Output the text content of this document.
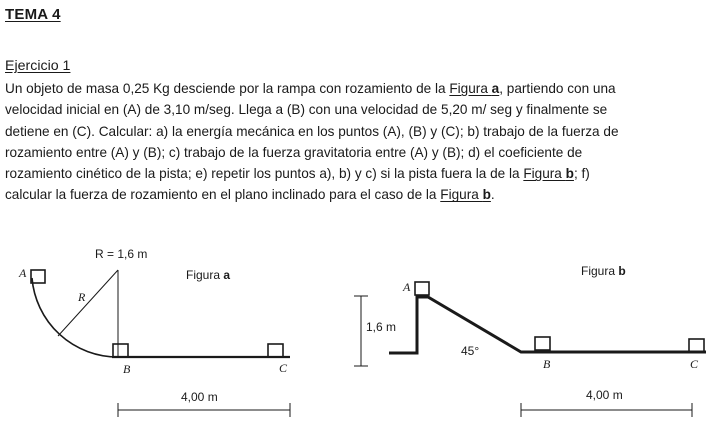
TEMA 4
Ejercicio 1
Un objeto de masa 0,25 Kg desciende por la rampa con rozamiento de la Figura a, partiendo con una
velocidad inicial en (A) de 3,10 m/seg. Llega a (B) con una velocidad de 5,20 m/ seg y finalmente se
detiene en (C). Calcular: a) la energía mecánica en los puntos (A), (B) y (C); b) trabajo de la fuerza de
rozamiento entre (A) y (B); c) trabajo de la fuerza gravitatoria entre (A) y (B); d) el coeficiente de
rozamiento cinético de la pista; e) repetir los puntos a), b) y c) si la pista fuera la de la Figura b; f)
calcular la fuerza de rozamiento en el plano inclinado para el caso de la Figura b.
R = 1,6 m
Figura a
A
R
B	C
4,00 m
Figura b
1,6 m
A
45°
B	C
4,00 m
